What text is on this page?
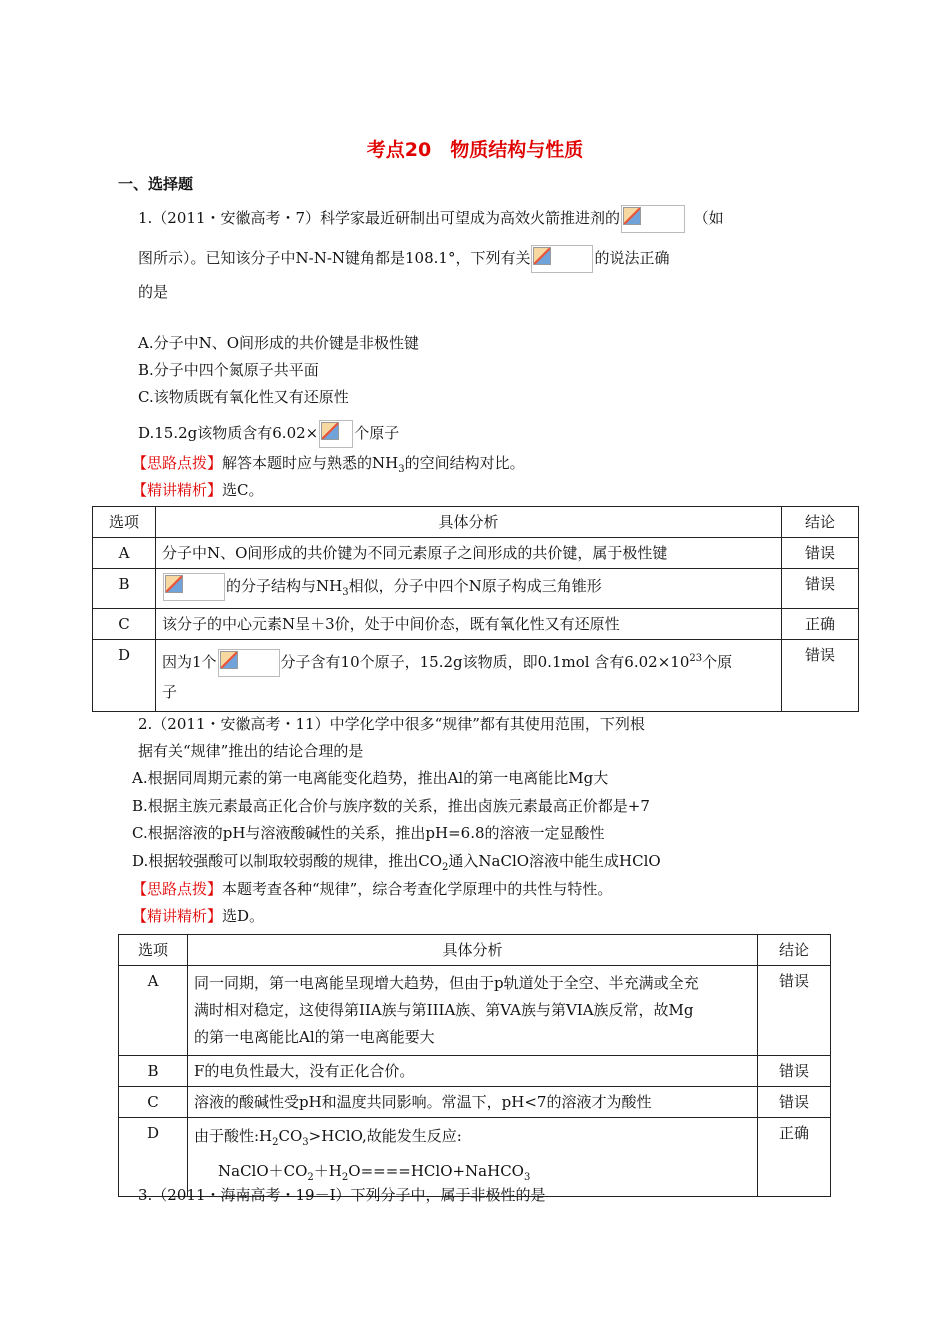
考点20　物质结构与性质
一、选择题
1.（2011・安徽高考・7）科学家最近研制出可望成为高效火箭推进剂的
　	（如
图所示）。已知该分子中N-N-N键角都是108.1°，下列有关	的说法正确
的是
A.分子中N、O间形成的共价键是非极性键
B.分子中四个氮原子共平面
C.该物质既有氧化性又有还原性
D.15.2g该物质含有6.02× 个原子
【思路点拨】解答本题时应与熟悉的$NH_3$的空间结构对比。
【精讲精析】选C。
选项	具体分析	结论
A	分子中N、O间形成的共价键为不同元素原子之间形成的共价键，属于极性键	错误
B	的分子结构与$NH_3$相似，分子中四个N原子构成三角锥形	错误
C	该分子的中心元素N呈＋3价，处于中间价态，既有氧化性又有还原性	正确
D	因为1个 分子含有10个原子，15.2g该物质，即0.1mol 含有$6.02\times 10^{23}$个原
子	错误
2.（2011・安徽高考・11）中学化学中很多“规律”都有其使用范围，下列根
据有关“规律”推出的结论合理的是
A.根据同周期元素的第一电离能变化趋势，推出Al的第一电离能比Mg大
B.根据主族元素最高正化合价与族序数的关系，推出卤族元素最高正价都是+7
C.根据溶液的pH与溶液酸碱性的关系，推出pH=6.8的溶液一定显酸性
D.根据较强酸可以制取较弱酸的规律，推出$CO_2$通入NaClO溶液中能生成HClO
【思路点拨】本题考查各种“规律”，综合考查化学原理中的共性与特性。
【精讲精析】选D。
选项	具体分析	结论
A	同一同期，第一电离能呈现增大趋势，但由于p轨道处于全空、半充满或全充
满时相对稳定，这使得第IIA族与第IIIA族、第VA族与第VIA族反常，故Mg
的第一电离能比Al的第一电离能要大	错误
B	F的电负性最大，没有正化合价。	错误
C	溶液的酸碱性受pH和温度共同影响。常温下，pH<7的溶液才为酸性	错误
D	由于酸性$:H_2CO_3>HClO$,故能发生反应:
$NaClO+CO_2+H_2O====HClO+NaHCO_3$	正确
3.（2011・海南高考・19－I）下列分子中，属于非极性的是
